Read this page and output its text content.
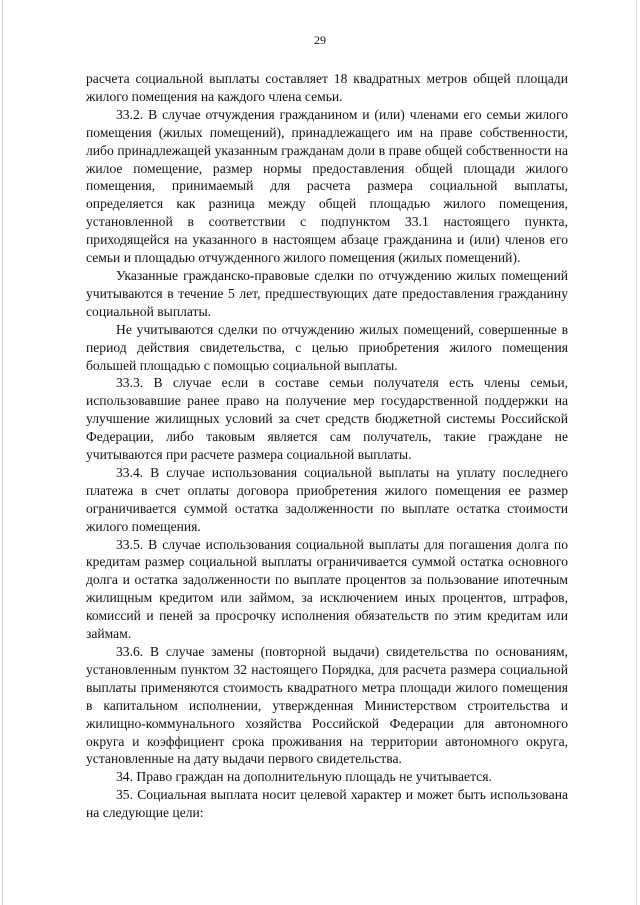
29

расчета социальной выплаты составляет 18 квадратных метров общей площади жилого помещения на каждого члена семьи.

33.2. В случае отчуждения гражданином и (или) членами его семьи жилого помещения (жилых помещений), принадлежащего им на праве собственности, либо принадлежащей указанным гражданам доли в праве общей собственности на жилое помещение, размер нормы предоставления общей площади жилого помещения, принимаемый для расчета размера социальной выплаты, определяется как разница между общей площадью жилого помещения, установленной в соответствии с подпунктом 33.1 настоящего пункта, приходящейся на указанного в настоящем абзаце гражданина и (или) членов его семьи и площадью отчужденного жилого помещения (жилых помещений).

Указанные гражданско-правовые сделки по отчуждению жилых помещений учитываются в течение 5 лет, предшествующих дате предоставления гражданину социальной выплаты.

Не учитываются сделки по отчуждению жилых помещений, совершенные в период действия свидетельства, с целью приобретения жилого помещения большей площадью с помощью социальной выплаты.

33.3. В случае если в составе семьи получателя есть члены семьи, использовавшие ранее право на получение мер государственной поддержки на улучшение жилищных условий за счет средств бюджетной системы Российской Федерации, либо таковым является сам получатель, такие граждане не учитываются при расчете размера социальной выплаты.

33.4. В случае использования социальной выплаты на уплату последнего платежа в счет оплаты договора приобретения жилого помещения ее размер ограничивается суммой остатка задолженности по выплате остатка стоимости жилого помещения.

33.5. В случае использования социальной выплаты для погашения долга по кредитам размер социальной выплаты ограничивается суммой остатка основного долга и остатка задолженности по выплате процентов за пользование ипотечным жилищным кредитом или займом, за исключением иных процентов, штрафов, комиссий и пеней за просрочку исполнения обязательств по этим кредитам или займам.

33.6. В случае замены (повторной выдачи) свидетельства по основаниям, установленным пунктом 32 настоящего Порядка, для расчета размера социальной выплаты применяются стоимость квадратного метра площади жилого помещения в капитальном исполнении, утвержденная Министерством строительства и жилищно-коммунального хозяйства Российской Федерации для автономного округа и коэффициент срока проживания на территории автономного округа, установленные на дату выдачи первого свидетельства.

34. Право граждан на дополнительную площадь не учитывается.

35. Социальная выплата носит целевой характер и может быть использована на следующие цели:
